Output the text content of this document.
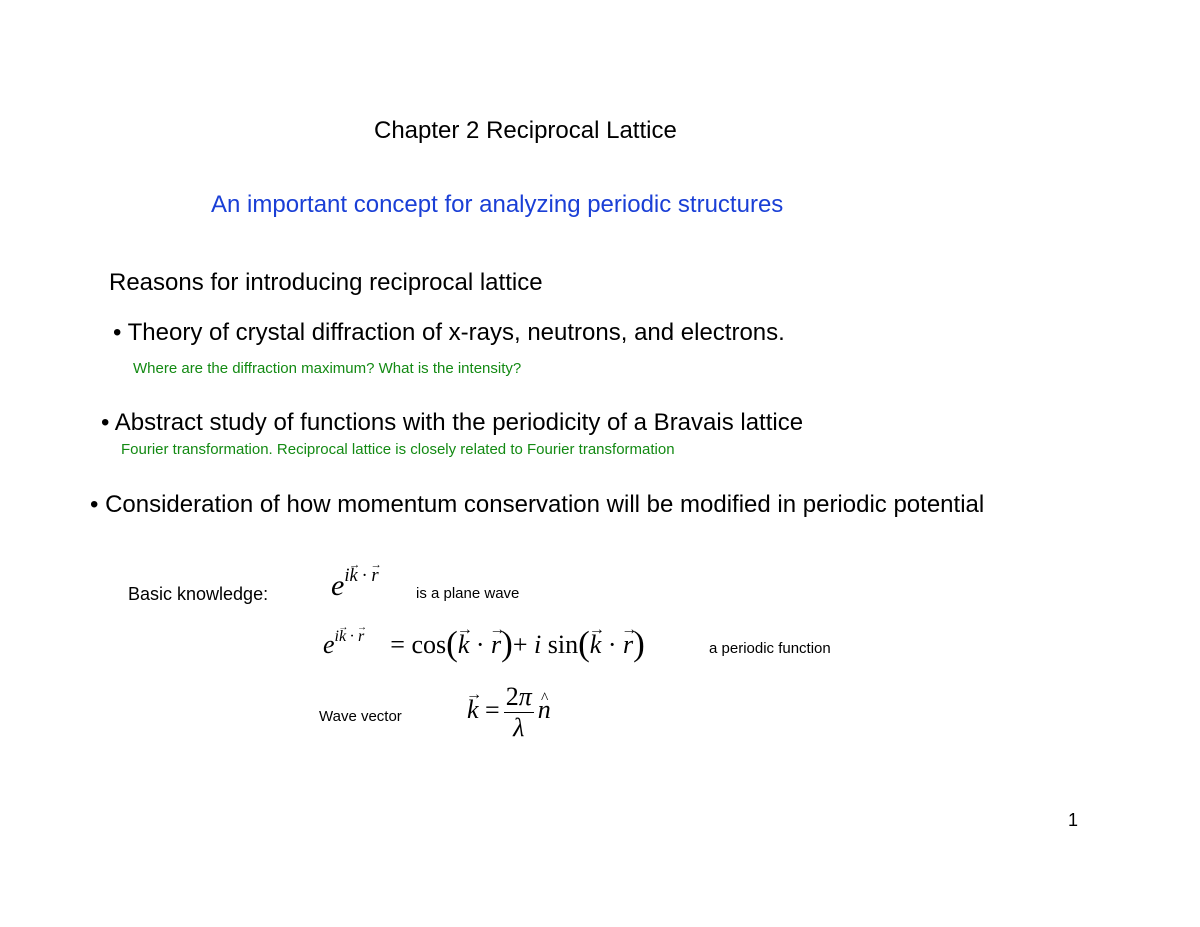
Chapter 2 Reciprocal Lattice
An important concept for analyzing periodic structures
Reasons for introducing reciprocal lattice
• Theory of crystal diffraction of x-rays, neutrons, and electrons.
Where are the diffraction maximum? What is the intensity?
• Abstract study of functions with the periodicity of a Bravais lattice
Fourier transformation. Reciprocal lattice is closely related to Fourier transformation
• Consideration of how momentum conservation will be modified in periodic potential
Basic knowledge: $e^{i\to k \cdot \to r}$
is a plane wave
$e^{i\to k \cdot \to r}$ = cos(→ k · → r)+ i sin(→ k · → r)	a periodic function
Wave vector	→ $k = \frac{2\pi}{\lambda}$ ^ n
1
